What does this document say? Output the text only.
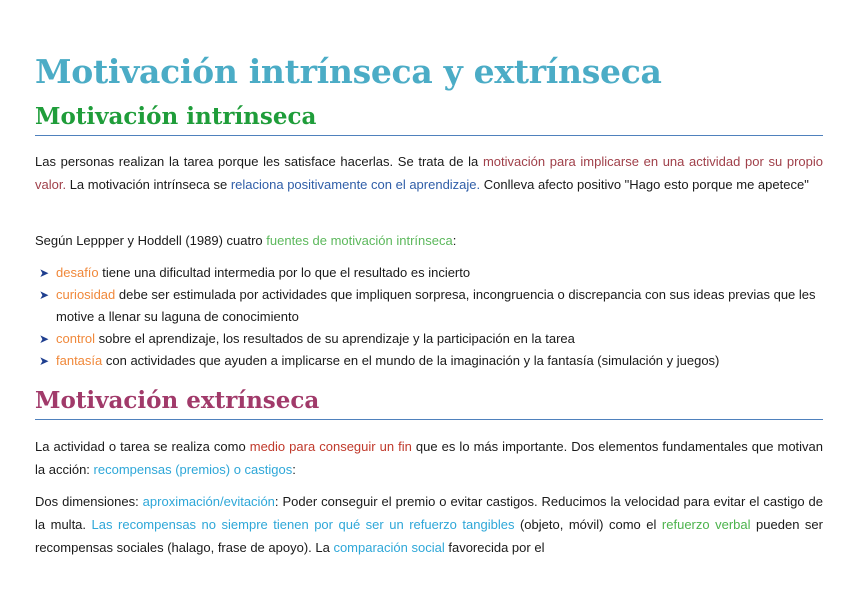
Motivación intrínseca y extrínseca
Motivación intrínseca

Las personas realizan la tarea porque les satisface hacerlas. Se trata de la motivación para implicarse en una actividad por su propio valor. La motivación intrínseca se relaciona positivamente con el aprendizaje. Conlleva afecto positivo "Hago esto porque me apetece"

Según Leppper y Hoddell (1989) cuatro fuentes de motivación intrínseca:

➤ desafío tiene una dificultad intermedia por lo que el resultado es incierto
➤ curiosidad debe ser estimulada por actividades que impliquen sorpresa, incongruencia o discrepancia con sus ideas previas que les motive a llenar su laguna de conocimiento
➤ control sobre el aprendizaje, los resultados de su aprendizaje y la participación en la tarea
➤ fantasía con actividades que ayuden a implicarse en el mundo de la imaginación y la fantasía (simulación y juegos)
Motivación extrínseca

La actividad o tarea se realiza como medio para conseguir un fin que es lo más importante. Dos elementos fundamentales que motivan la acción: recompensas (premios) o castigos:

Dos dimensiones: aproximación/evitación: Poder conseguir el premio o evitar castigos. Reducimos la velocidad para evitar el castigo de la multa. Las recompensas no siempre tienen por qué ser un refuerzo tangibles (objeto, móvil) como el refuerzo verbal pueden ser recompensas sociales (halago, frase de apoyo). La comparación social favorecida por el
